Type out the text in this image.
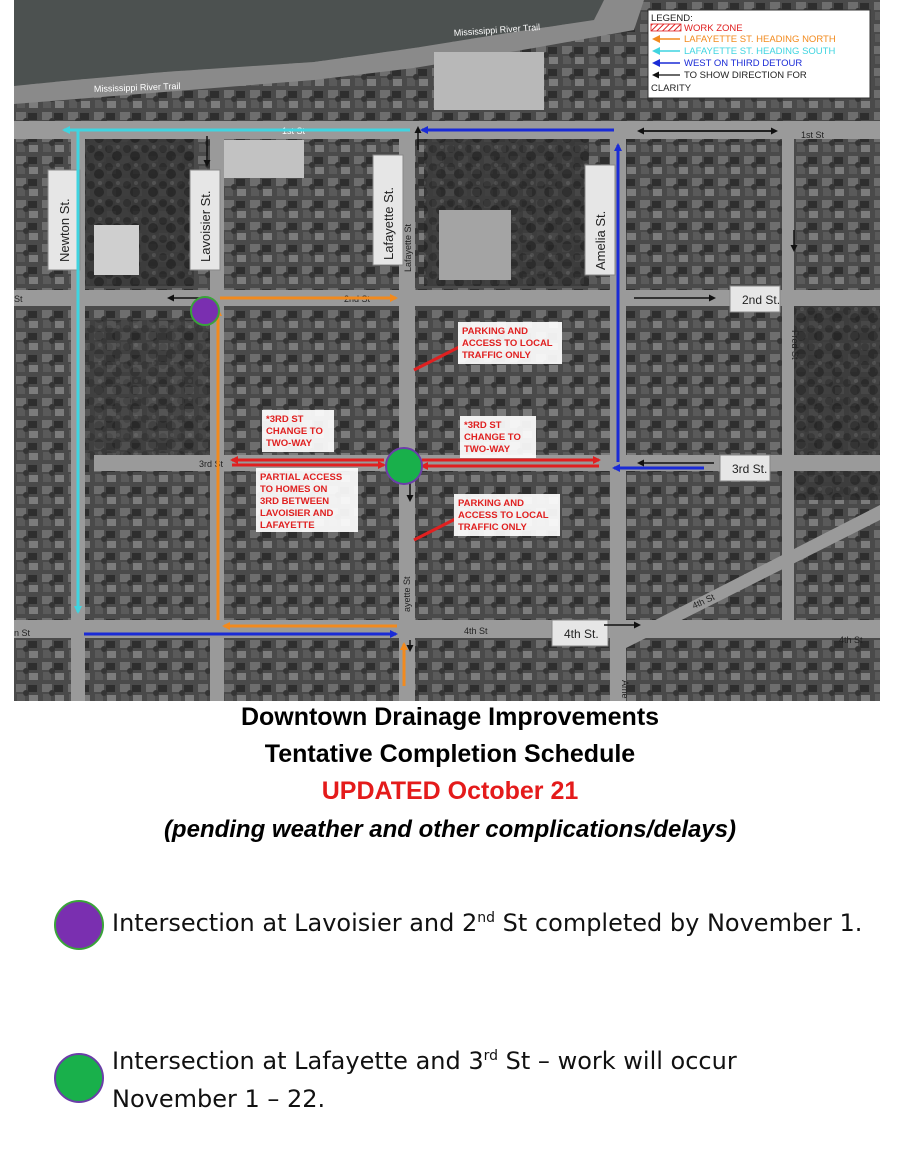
Mississippi River Trail
Mississippi River Trail
1st St	1st St
2nd St
3rd St
4th St
4th St
4th St
n St
St
Lafayette St
ayette St
Fred St
Ame
Newton St.	Lavoisier St.	Lafayette St.	Amelia St.
2nd St.
3rd St.
4th St.
PARKING AND
ACCESS TO LOCAL
TRAFFIC ONLY
*3RD ST
CHANGE TO
TWO-WAY
*3RD ST
CHANGE TO
TWO-WAY
PARTIAL ACCESS
TO HOMES ON
3RD BETWEEN
LAVOISIER AND
LAFAYETTE
PARKING AND
ACCESS TO LOCAL
TRAFFIC ONLY
LEGEND:
WORK ZONE
LAFAYETTE ST. HEADING NORTH
LAFAYETTE ST. HEADING SOUTH
WEST ON THIRD DETOUR
TO SHOW DIRECTION FOR
CLARITY
Downtown Drainage Improvements
Tentative Completion Schedule
UPDATED October 21
(pending weather and other complications/delays)
Intersection at Lavoisier and 2nd St completed by November 1.
Intersection at Lafayette and 3rd St – work will occur
November 1 – 22.
